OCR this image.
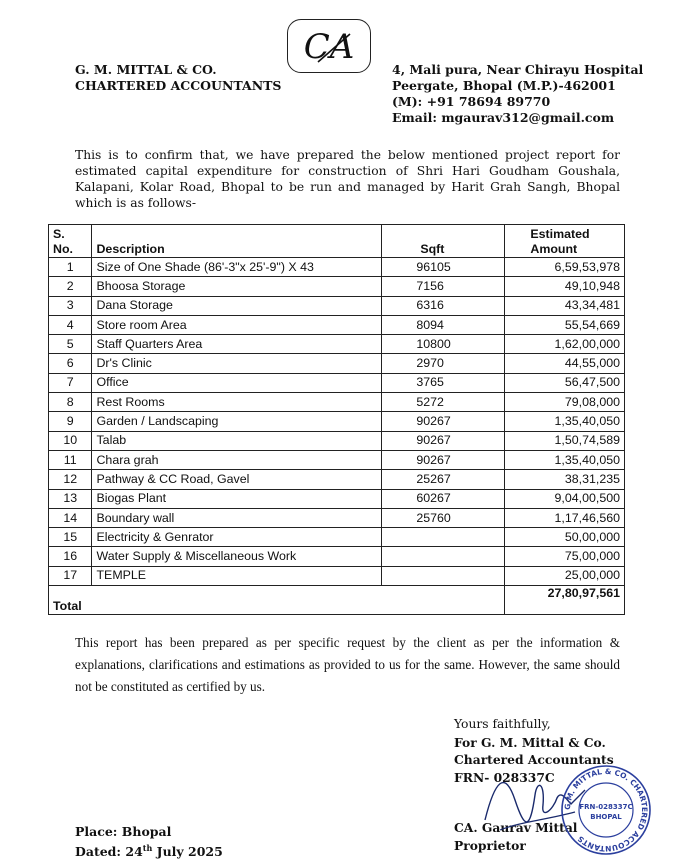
G. M. MITTAL & CO.
CHARTERED ACCOUNTANTS
CA
4, Mali pura, Near Chirayu Hospital
Peergate, Bhopal (M.P.)-462001
(M): +91 78694 89770
Email: mgaurav312@gmail.com
This is to confirm that, we have prepared the below mentioned project report for estimated capital expenditure for construction of Shri Hari Goudham Goushala, Kalapani, Kolar Road, Bhopal to be run and managed by Harit Grah Sangh, Bhopal which is as follows-
S.
No.	Description	Sqft	Estimated
Amount
1	Size of One Shade (86'-3"x 25'-9") X 43	96105	6,59,53,978
2	Bhoosa Storage	7156	49,10,948
3	Dana Storage	6316	43,34,481
4	Store room Area	8094	55,54,669
5	Staff Quarters Area	10800	1,62,00,000
6	Dr's Clinic	2970	44,55,000
7	Office	3765	56,47,500
8	Rest Rooms	5272	79,08,000
9	Garden / Landscaping	90267	1,35,40,050
10	Talab	90267	1,50,74,589
11	Chara grah	90267	1,35,40,050
12	Pathway & CC Road, Gavel	25267	38,31,235
13	Biogas Plant	60267	9,04,00,500
14	Boundary wall	25760	1,17,46,560
15	Electricity & Genrator		50,00,000
16	Water Supply & Miscellaneous Work		75,00,000
17	TEMPLE		25,00,000
Total			27,80,97,561
This report has been prepared as per specific request by the client as per the information & explanations, clarifications and estimations as provided to us for the same. However, the same should not be constituted as certified by us.
Yours faithfully,
For G. M. Mittal & Co.
Chartered Accountants
FRN- 028337C
CA. Gaurav Mittal
Proprietor
G.M. MITTAL & CO. CHARTERED ACCOUNTANTS
FRN-028337C
BHOPAL
Place: Bhopal
Dated: 24th July 2025
